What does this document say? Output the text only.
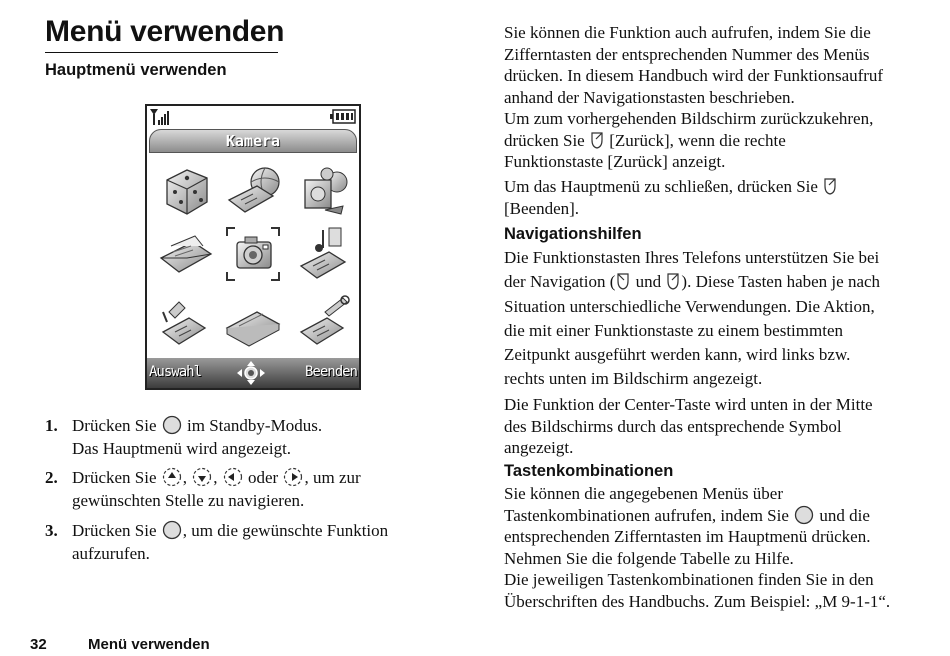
Menü verwenden
Hauptmenü verwenden
Kamera
Auswahl	Beenden
1. Drücken Sie im Standby-Modus.
Das Hauptmenü wird angezeigt.
2. Drücken Sie , , oder , um zur
gewünschten Stelle zu navigieren.
3. Drücken Sie , um die gewünschte Funktion
aufzurufen.
Sie können die Funktion auch aufrufen, indem Sie die
Zifferntasten der entsprechenden Nummer des Menüs
drücken. In diesem Handbuch wird der Funktionsaufruf
anhand der Navigationstasten beschrieben.
Um zum vorhergehenden Bildschirm zurückzukehren,
drücken Sie [Zurück], wenn die rechte
Funktionstaste [Zurück] anzeigt.
Um das Hauptmenü zu schließen, drücken Sie
[Beenden].
Navigationshilfen
Die Funktionstasten Ihres Telefons unterstützen Sie bei
der Navigation ( und ). Diese Tasten haben je nach
Situation unterschiedliche Verwendungen. Die Aktion,
die mit einer Funktionstaste zu einem bestimmten
Zeitpunkt ausgeführt werden kann, wird links bzw.
rechts unten im Bildschirm angezeigt.
Die Funktion der Center-Taste wird unten in der Mitte
des Bildschirms durch das entsprechende Symbol
angezeigt.
Tastenkombinationen
Sie können die angegebenen Menüs über
Tastenkombinationen aufrufen, indem Sie und die
entsprechenden Zifferntasten im Hauptmenü drücken.
Nehmen Sie die folgende Tabelle zu Hilfe.
Die jeweiligen Tastenkombinationen finden Sie in den
Überschriften des Handbuchs. Zum Beispiel: „M 9-1-1“.
32	Menü verwenden
